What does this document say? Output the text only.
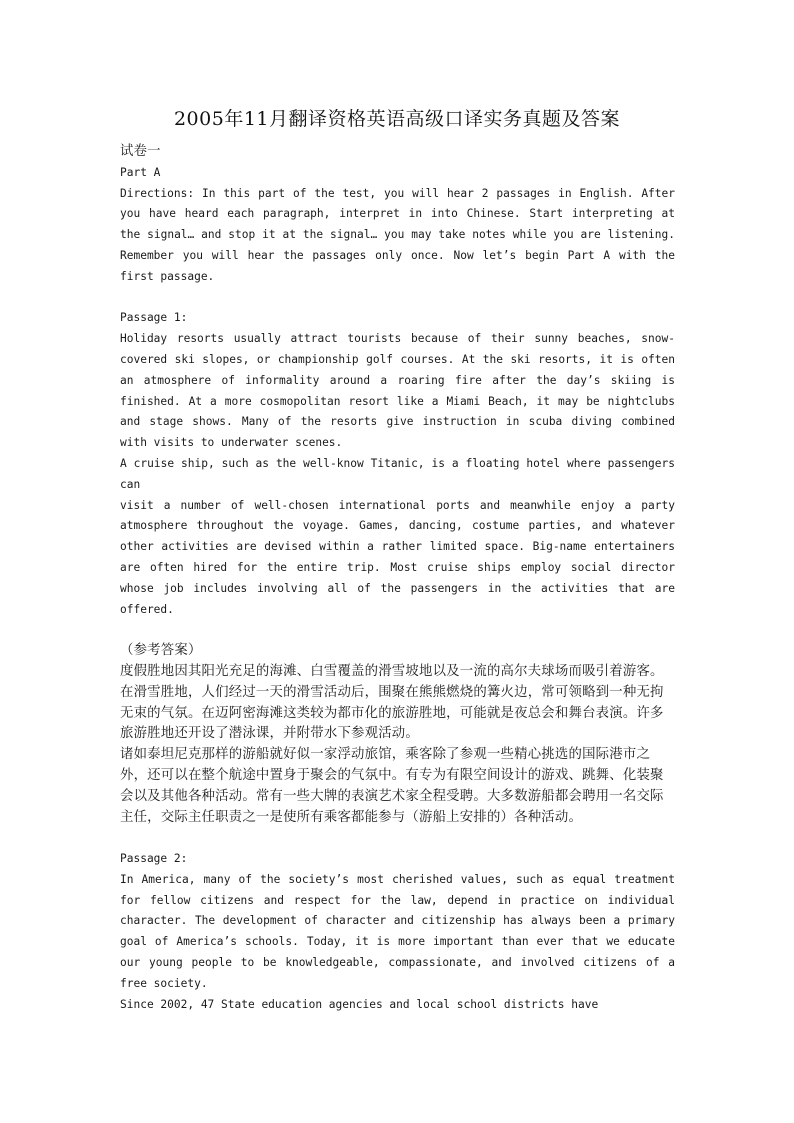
2005年11月翻译资格英语高级口译实务真题及答案

试卷一

Part A

Directions: In this part of the test, you will hear 2 passages in English. After you have heard each paragraph, interpret in into Chinese. Start interpreting at the signal… and stop it at the signal… you may take notes while you are listening. Remember you will hear the passages only once. Now let’s begin Part A with the first passage.

Passage 1:

Holiday resorts usually attract tourists because of their sunny beaches, snow-covered ski slopes, or championship golf courses. At the ski resorts, it is often an atmosphere of informality around a roaring fire after the day’s skiing is finished. At a more cosmopolitan resort like a Miami Beach, it may be nightclubs and stage shows. Many of the resorts give instruction in scuba diving combined with visits to underwater scenes.

A cruise ship, such as the well-know Titanic, is a floating hotel where passengers can

visit a number of well-chosen international ports and meanwhile enjoy a party atmosphere throughout the voyage. Games, dancing, costume parties, and whatever other activities are devised within a rather limited space. Big-name entertainers are often hired for the entire trip. Most cruise ships employ social director whose job includes involving all of the passengers in the activities that are offered.

（参考答案）

度假胜地因其阳光充足的海滩、白雪覆盖的滑雪坡地以及一流的高尔夫球场而吸引着游客。在滑雪胜地，人们经过一天的滑雪活动后，围聚在熊熊燃烧的篝火边，常可领略到一种无拘无束的气氛。在迈阿密海滩这类较为都市化的旅游胜地，可能就是夜总会和舞台表演。许多旅游胜地还开设了潜泳课，并附带水下参观活动。

诸如泰坦尼克那样的游船就好似一家浮动旅馆，乘客除了参观一些精心挑选的国际港市之外，还可以在整个航途中置身于聚会的气氛中。有专为有限空间设计的游戏、跳舞、化装聚会以及其他各种活动。常有一些大牌的表演艺术家全程受聘。大多数游船都会聘用一名交际主任，交际主任职责之一是使所有乘客都能参与（游船上安排的）各种活动。

Passage 2:

In America, many of the society’s most cherished values, such as equal treatment for fellow citizens and respect for the law, depend in practice on individual character. The development of character and citizenship has always been a primary goal of America’s schools. Today, it is more important than ever that we educate our young people to be knowledgeable, compassionate, and involved citizens of a free society.

Since 2002, 47 State education agencies and local school districts have
